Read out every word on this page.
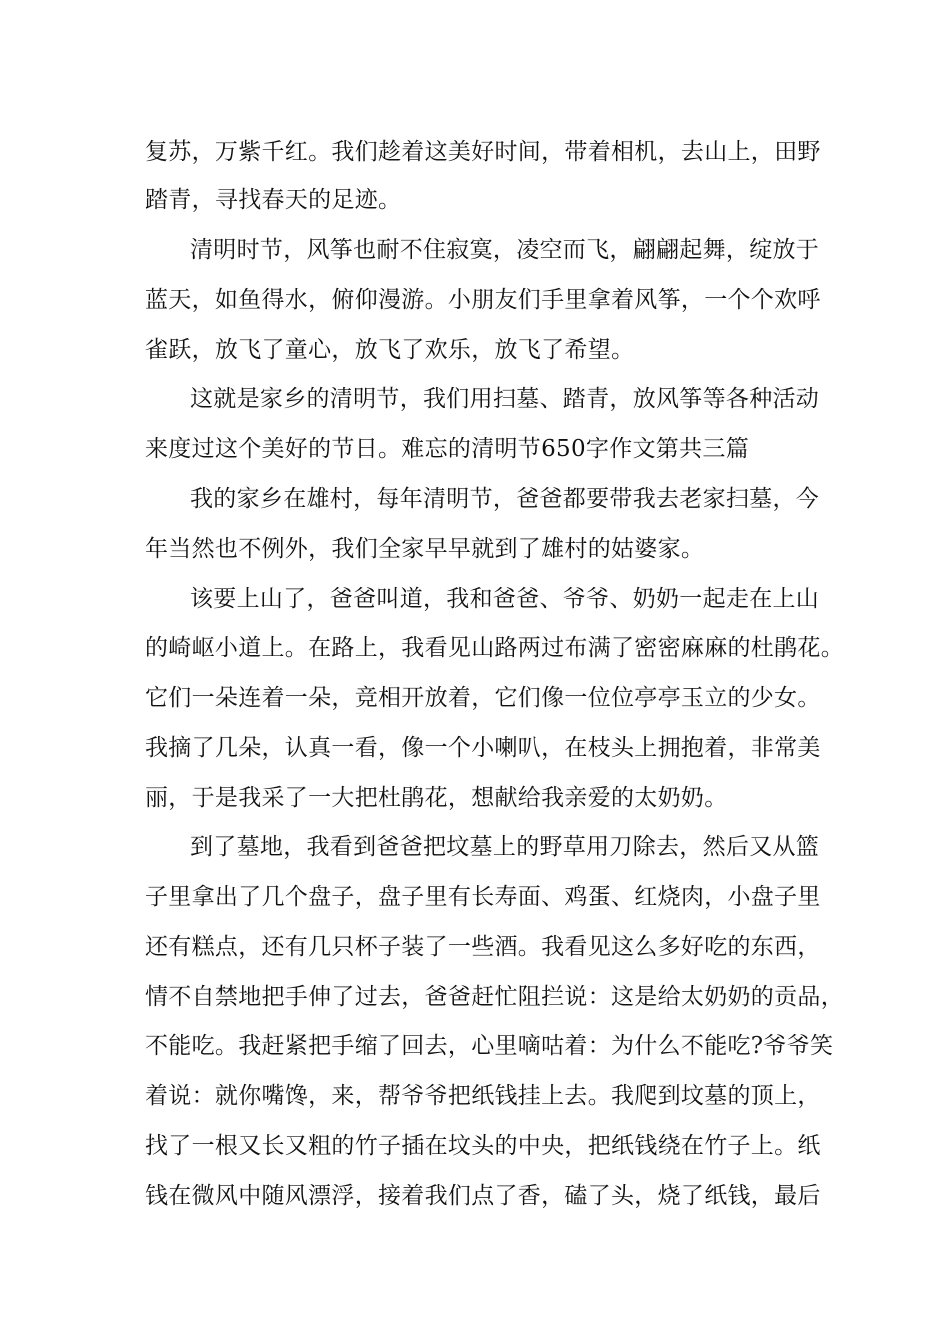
复苏，万紫千红。我们趁着这美好时间，带着相机，去山上，田野
踏青，寻找春天的足迹。
清明时节，风筝也耐不住寂寞，凌空而飞，翩翩起舞，绽放于
蓝天，如鱼得水，俯仰漫游。小朋友们手里拿着风筝，一个个欢呼
雀跃，放飞了童心，放飞了欢乐，放飞了希望。
这就是家乡的清明节，我们用扫墓、踏青，放风筝等各种活动
来度过这个美好的节日。难忘的清明节650字作文第共三篇
我的家乡在雄村，每年清明节，爸爸都要带我去老家扫墓，今
年当然也不例外，我们全家早早就到了雄村的姑婆家。
该要上山了，爸爸叫道，我和爸爸、爷爷、奶奶一起走在上山
的崎岖小道上。在路上，我看见山路两过布满了密密麻麻的杜鹃花。
它们一朵连着一朵，竞相开放着，它们像一位位亭亭玉立的少女。
我摘了几朵，认真一看，像一个小喇叭，在枝头上拥抱着，非常美
丽，于是我采了一大把杜鹃花，想献给我亲爱的太奶奶。
到了墓地，我看到爸爸把坟墓上的野草用刀除去，然后又从篮
子里拿出了几个盘子，盘子里有长寿面、鸡蛋、红烧肉，小盘子里
还有糕点，还有几只杯子装了一些酒。我看见这么多好吃的东西，
情不自禁地把手伸了过去，爸爸赶忙阻拦说：这是给太奶奶的贡品，
不能吃。我赶紧把手缩了回去，心里嘀咕着：为什么不能吃?爷爷笑
着说：就你嘴馋，来，帮爷爷把纸钱挂上去。我爬到坟墓的顶上，
找了一根又长又粗的竹子插在坟头的中央，把纸钱绕在竹子上。纸
钱在微风中随风漂浮，接着我们点了香，磕了头，烧了纸钱，最后
